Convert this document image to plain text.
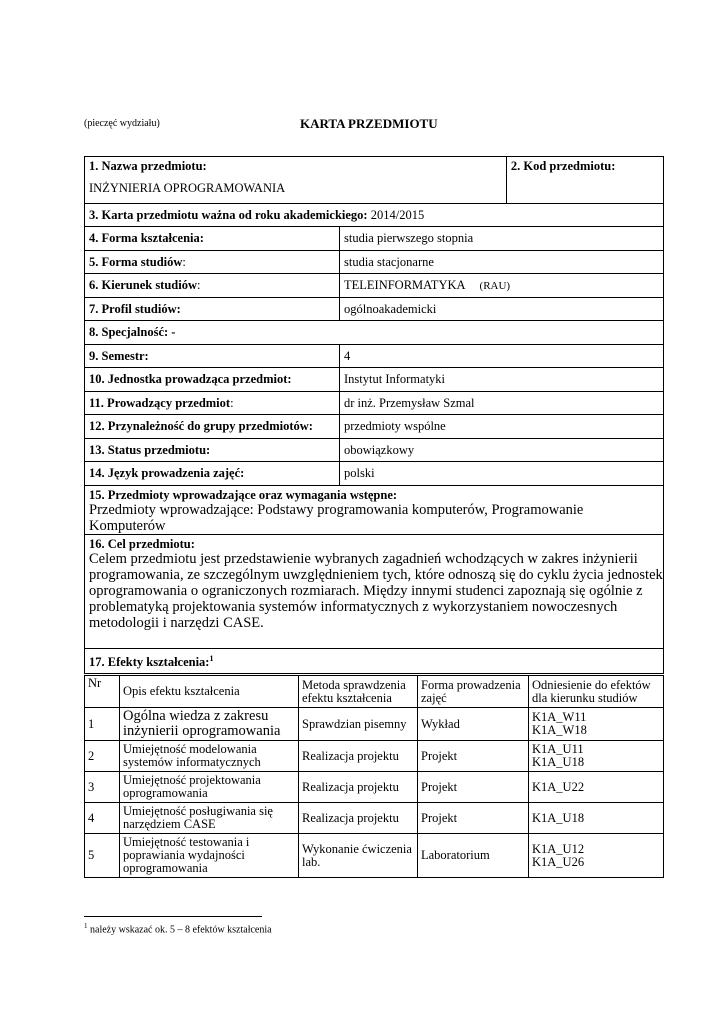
(pieczęć wydziału)	KARTA PRZEDMIOTU
1. Nazwa przedmiotu:
INŻYNIERIA OPROGRAMOWANIA		2. Kod przedmiotu:

3. Karta przedmiotu ważna od roku akademickiego: 2014/2015		
4. Forma kształcenia:	studia pierwszego stopnia	
5. Forma studiów:	studia stacjonarne	
6. Kierunek studiów:	TELEINFORMATYKA (RAU)	
7. Profil studiów:	ogólnoakademicki	
8. Specjalność: -		
9. Semestr:	4	
10. Jednostka prowadząca przedmiot:	Instytut Informatyki	
11. Prowadzący przedmiot:	dr inż. Przemysław Szmal	
12. Przynależność do grupy przedmiotów:	przedmioty wspólne	
13. Status przedmiotu:	obowiązkowy	
14. Język prowadzenia zajęć:	polski	

15. Przedmioty wprowadzające oraz wymagania wstępne:
Przedmioty wprowadzające: Podstawy programowania komputerów, Programowanie Komputerów		

16. Cel przedmiotu:
Celem przedmiotu jest przedstawienie wybranych zagadnień wchodzących w zakres inżynierii programowania, ze szczególnym uwzględnieniem tych, które odnoszą się do cyklu życia jednostek oprogramowania o ograniczonych rozmiarach. Między innymi studenci zapoznają się ogólnie z problematyką projektowania systemów informatycznych z wykorzystaniem nowoczesnych metodologii i narzędzi CASE.		

17. Efekty kształcenia:$^1$
Nr	Opis efektu kształcenia	Metoda sprawdzenia efektu kształcenia	Forma prowadzenia zajęć	Odniesienie do efektów dla kierunku studiów
1	Ogólna wiedza z zakresu inżynierii oprogramowania	Sprawdzian pisemny	Wykład	K1A_W11
K1A_W18

2	Umiejętność modelowania systemów informatycznych	Realizacja projektu	Projekt	K1A_U11
K1A_U18

3	Umiejętność projektowania oprogramowania	Realizacja projektu	Projekt	K1A_U22

4	Umiejętność posługiwania się narzędziem CASE	Realizacja projektu	Projekt	K1A_U18

5	Umiejętność testowania i poprawiania wydajności oprogramowania	Wykonanie ćwiczenia lab.	Laboratorium	K1A_U12
K1A_U26
$^1$ należy wskazać ok. 5 – 8 efektów kształcenia
